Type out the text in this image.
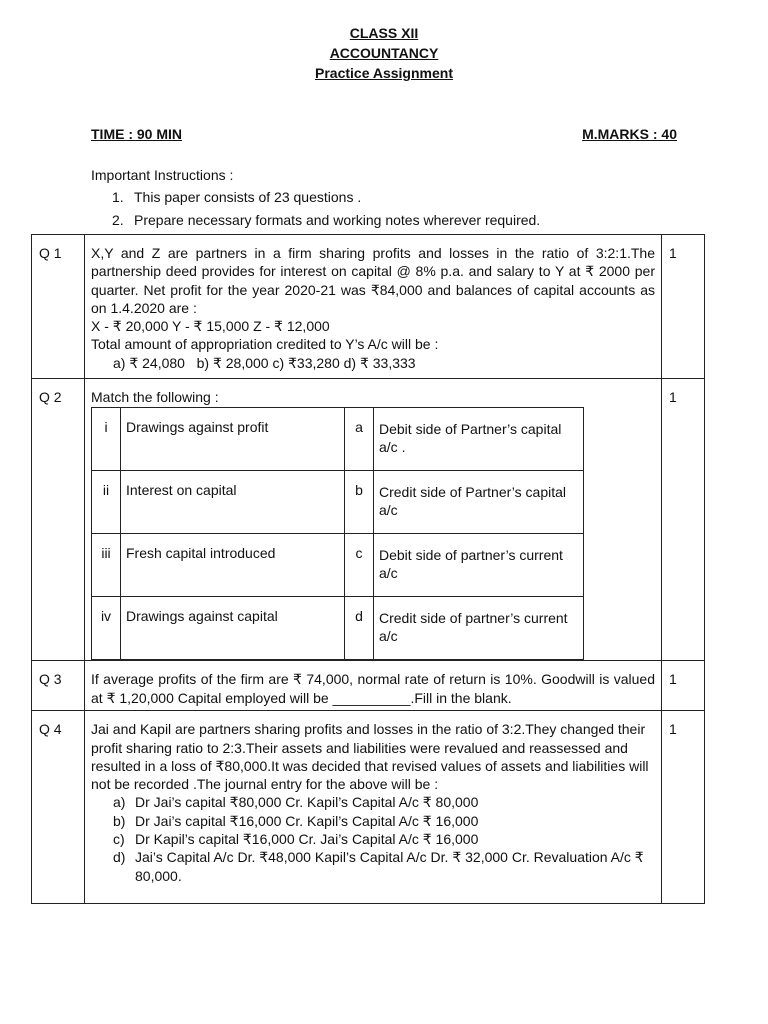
CLASS XII
ACCOUNTANCY
Practice Assignment
TIME : 90 MIN	M.MARKS : 40
Important Instructions :
1. This paper consists of 23 questions .
2. Prepare necessary formats and working notes wherever required.
Q 1	X,Y and Z are partners in a firm sharing profits and losses in the ratio of 3:2:1.The partnership deed provides for interest on capital @ 8% p.a. and salary to Y at ₹ 2000 per quarter. Net profit for the year 2020-21 was ₹84,000 and balances of capital accounts as on 1.4.2020 are :
X - ₹ 20,000 Y - ₹ 15,000 Z - ₹ 12,000
Total amount of appropriation credited to Y’s A/c will be :
a) ₹ 24,080   b) ₹ 28,000 c) ₹33,280 d) ₹ 33,333
	1
Q 2	Match the following :
i	Drawings against profit	a	Debit side of Partner’s capital a/c .
ii	Interest on capital	b	Credit side of Partner’s capital a/c
iii	Fresh capital introduced	c	Debit side of partner’s current a/c
iv	Drawings against capital	d	Credit side of partner’s current a/c
	1
Q 3	If average profits of the firm are ₹ 74,000, normal rate of return is 10%. Goodwill is valued at ₹ 1,20,000 Capital employed will be __________.Fill in the blank.	1
Q 4	Jai and Kapil are partners sharing profits and losses in the ratio of 3:2.They changed their profit sharing ratio to 2:3.Their assets and liabilities were revalued and reassessed and resulted in a loss of ₹80,000.It was decided that revised values of assets and liabilities will not be recorded .The journal entry for the above will be :
a) Dr Jai’s capital ₹80,000 Cr. Kapil’s Capital A/c ₹ 80,000
b) Dr Jai’s capital ₹16,000 Cr. Kapil’s Capital A/c ₹ 16,000
c) Dr Kapil’s capital ₹16,000 Cr. Jai’s Capital A/c ₹ 16,000
d) Jai’s Capital A/c Dr. ₹48,000 Kapil’s Capital A/c Dr. ₹ 32,000 Cr. Revaluation A/c ₹ 80,000.
	1
